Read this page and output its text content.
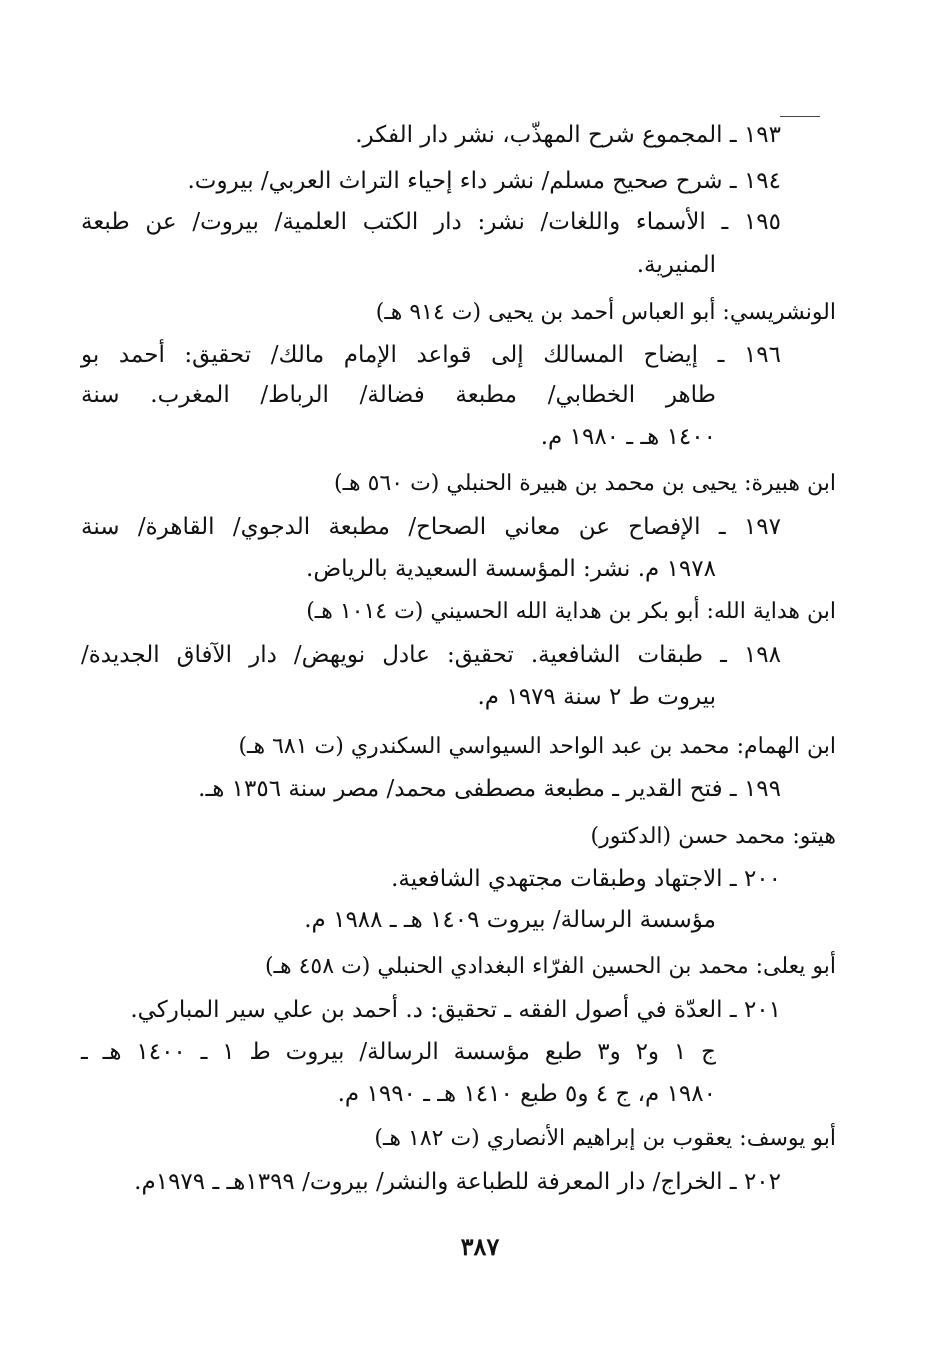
١٩٣ ـ المجموع شرح المهذّب، نشر دار الفكر.
١٩٤ ـ شرح صحيح مسلم/ نشر داء إحياء التراث العربي/ بيروت.
١٩٥ ـ الأسماء واللغات/ نشر: دار الكتب العلمية/ بيروت/ عن طبعة
المنيرية.
الونشريسي: أبو العباس أحمد بن يحيى (ت ٩١٤ هـ)
١٩٦ ـ إيضاح المسالك إلى قواعد الإمام مالك/ تحقيق: أحمد بو
طاهر الخطابي/ مطبعة فضالة/ الرباط/ المغرب. سنة
١٤٠٠ هـ ـ ١٩٨٠ م.
ابن هبيرة: يحيى بن محمد بن هبيرة الحنبلي (ت ٥٦٠ هـ)
١٩٧ ـ الإفصاح عن معاني الصحاح/ مطبعة الدجوي/ القاهرة/ سنة
١٩٧٨ م. نشر: المؤسسة السعيدية بالرياض.
ابن هداية الله: أبو بكر بن هداية الله الحسيني (ت ١٠١٤ هـ)
١٩٨ ـ طبقات الشافعية. تحقيق: عادل نويهض/ دار الآفاق الجديدة/
بيروت ط ٢ سنة ١٩٧٩ م.
ابن الهمام: محمد بن عبد الواحد السيواسي السكندري (ت ٦٨١ هـ)
١٩٩ ـ فتح القدير ـ مطبعة مصطفى محمد/ مصر سنة ١٣٥٦ هـ.
هيتو: محمد حسن (الدكتور)
٢٠٠ ـ الاجتهاد وطبقات مجتهدي الشافعية.
مؤسسة الرسالة/ بيروت ١٤٠٩ هـ ـ ١٩٨٨ م.
أبو يعلى: محمد بن الحسين الفرّاء البغدادي الحنبلي (ت ٤٥٨ هـ)
٢٠١ ـ العدّة في أصول الفقه ـ تحقيق: د. أحمد بن علي سير المباركي.
ج ١ و٢ و٣ طبع مؤسسة الرسالة/ بيروت ط ١ ـ ١٤٠٠ هـ ـ
١٩٨٠ م، ج ٤ و٥ طبع ١٤١٠ هـ ـ ١٩٩٠ م.
أبو يوسف: يعقوب بن إبراهيم الأنصاري (ت ١٨٢ هـ)
٢٠٢ ـ الخراج/ دار المعرفة للطباعة والنشر/ بيروت/ ١٣٩٩هـ ـ ١٩٧٩م.
٣٨٧
